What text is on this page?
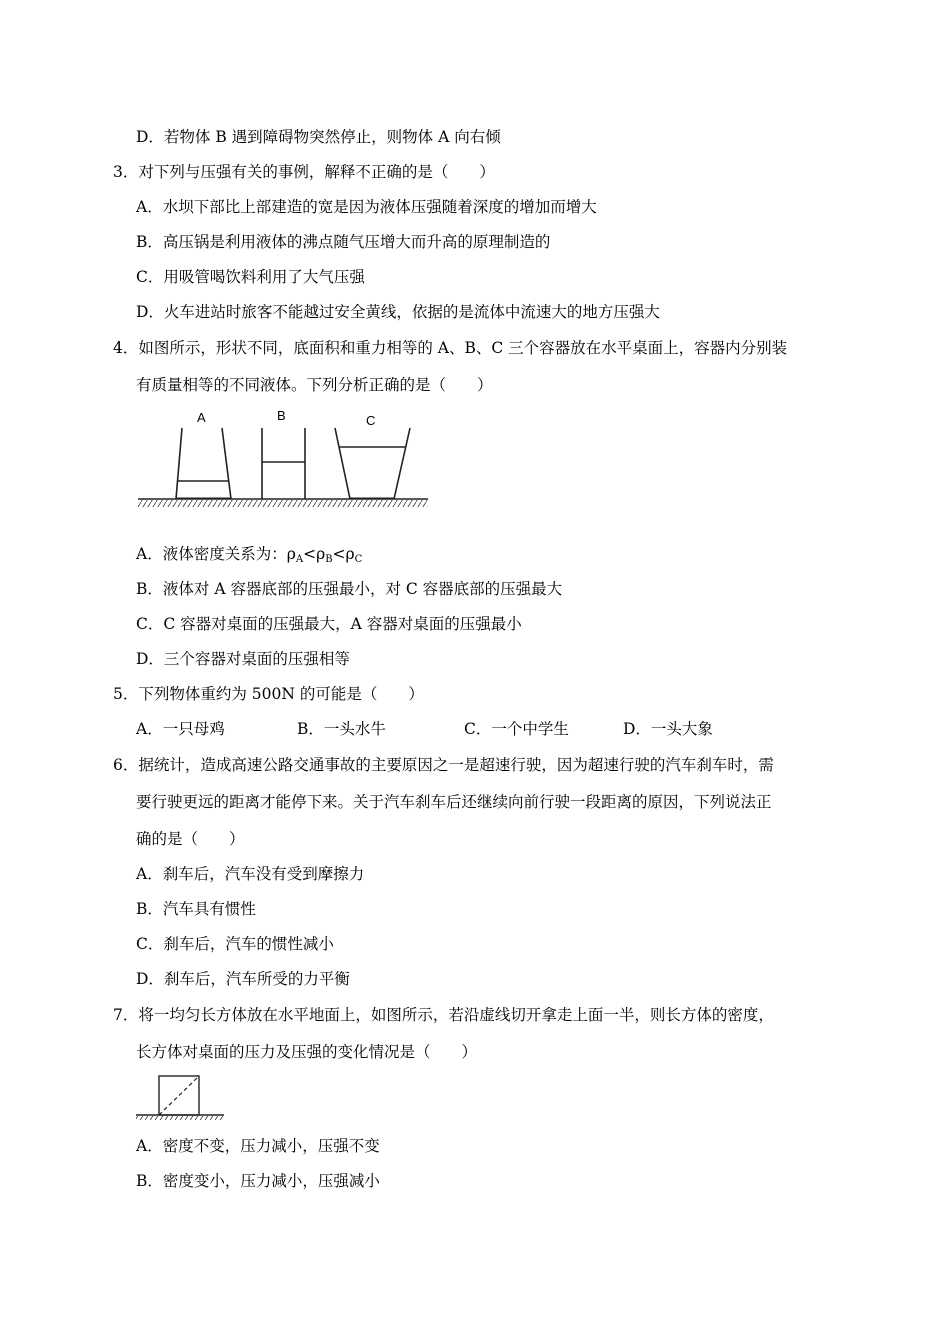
D．若物体 B 遇到障碍物突然停止，则物体 A 向右倾
3．对下列与压强有关的事例，解释不正确的是（　　）
A．水坝下部比上部建造的宽是因为液体压强随着深度的增加而增大
B．高压锅是利用液体的沸点随气压增大而升高的原理制造的
C．用吸管喝饮料利用了大气压强
D．火车进站时旅客不能越过安全黄线，依据的是流体中流速大的地方压强大
4．如图所示，形状不同，底面积和重力相等的 A、B、C 三个容器放在水平桌面上，容器内分别装
有质量相等的不同液体。下列分析正确的是（　　）
A	B	C
A．液体密度关系为：$\rho_A<\rho_B<\rho_C$
B．液体对 A 容器底部的压强最小，对 C 容器底部的压强最大
C．C 容器对桌面的压强最大，A 容器对桌面的压强最小
D．三个容器对桌面的压强相等
5．下列物体重约为 500N 的可能是（　　）
A．一只母鸡	B．一头水牛	C．一个中学生	D．一头大象
6．据统计，造成高速公路交通事故的主要原因之一是超速行驶，因为超速行驶的汽车刹车时，需
要行驶更远的距离才能停下来。关于汽车刹车后还继续向前行驶一段距离的原因，下列说法正
确的是（　　）
A．刹车后，汽车没有受到摩擦力
B．汽车具有惯性
C．刹车后，汽车的惯性减小
D．刹车后，汽车所受的力平衡
7．将一均匀长方体放在水平地面上，如图所示，若沿虚线切开拿走上面一半，则长方体的密度，
长方体对桌面的压力及压强的变化情况是（　　）
A．密度不变，压力减小，压强不变
B．密度变小，压力减小，压强减小
